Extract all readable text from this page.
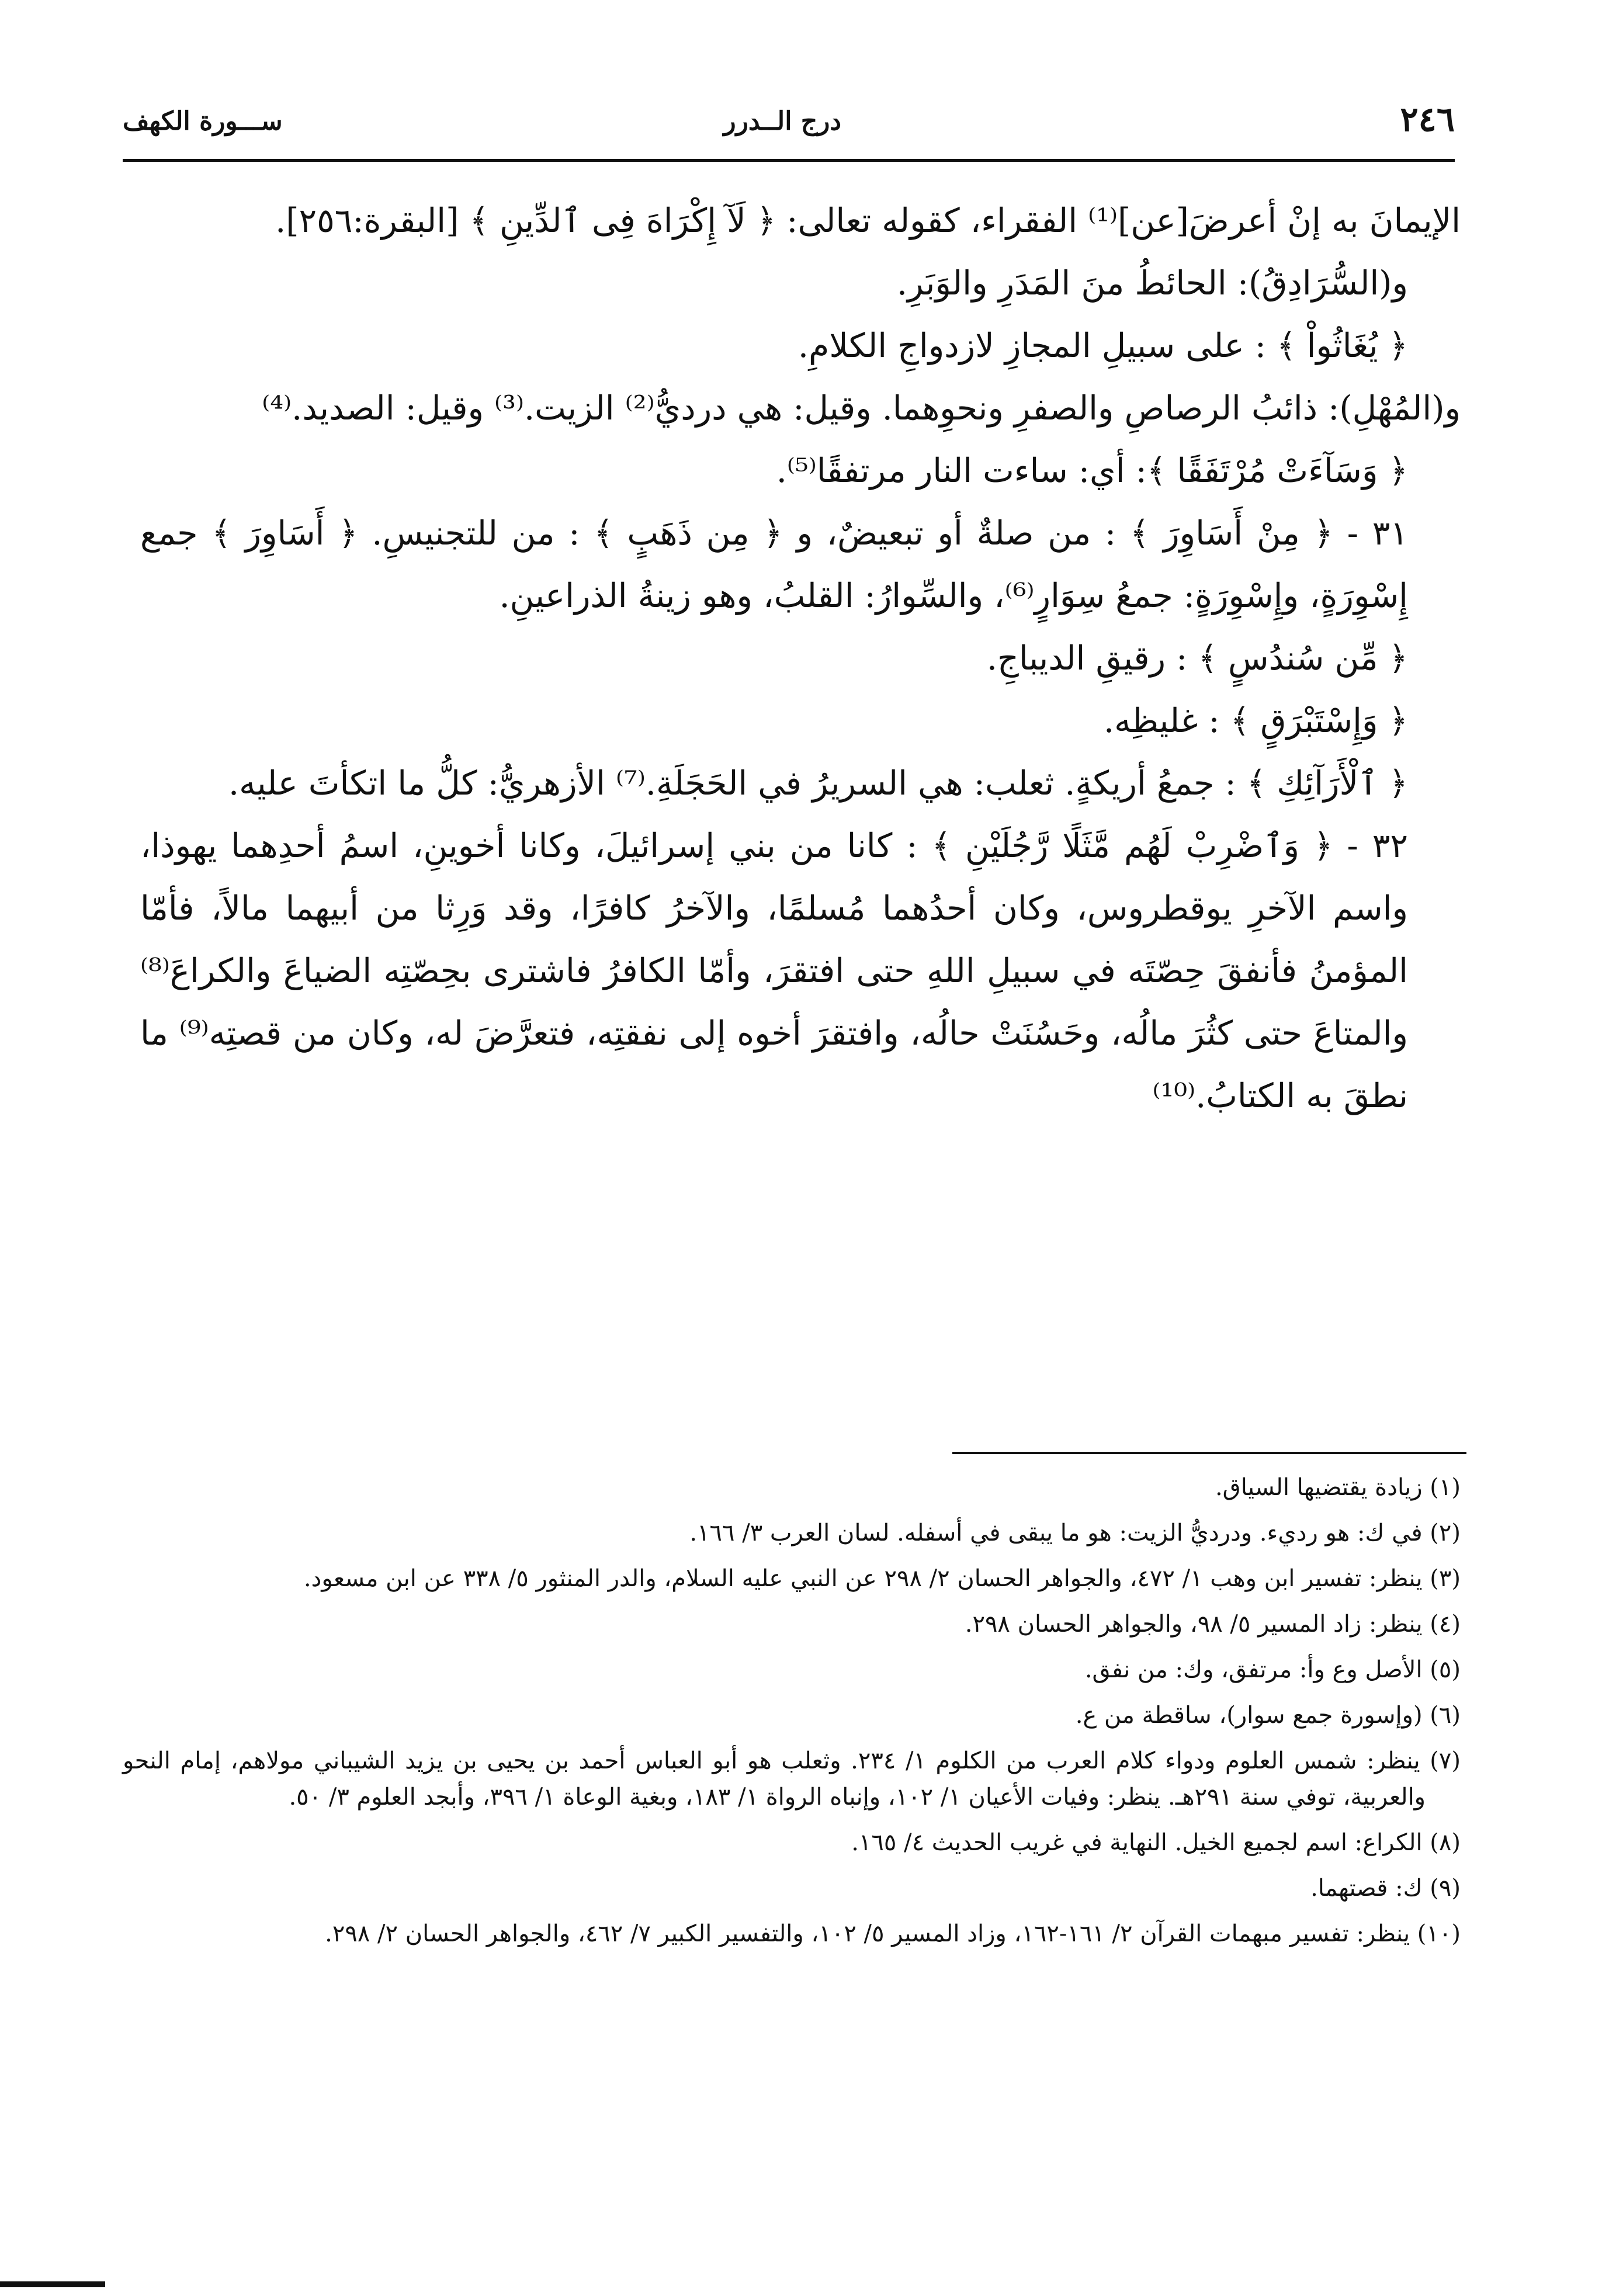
٢٤٦
درج الــدرر
ســـورة الكهف

الإيمانَ به إنْ أعرضَ[عن]⁽¹⁾ الفقراء، كقوله تعالى: ﴿ لَآ إِكْرَاهَ فِى ٱلدِّينِ ﴾ [البقرة:٢٥٦].

و(السُّرَادِقُ): الحائطُ منَ المَدَرِ والوَبَرِ.

﴿ يُغَاثُواْ ﴾ : على سبيلِ المجازِ لازدواجِ الكلامِ.

و(المُهْلِ): ذائبُ الرصاصِ والصفرِ ونحوِهما. وقيل: هي درديُّ⁽²⁾ الزيت.⁽³⁾ وقيل: الصديد.⁽⁴⁾

﴿ وَسَآءَتْ مُرْتَفَقًا ﴾: أي: ساءت النار مرتفقًا⁽⁵⁾.

٣١ - ﴿ مِنْ أَسَاوِرَ ﴾ : من صلةٌ أو تبعيضٌ، و ﴿ مِن ذَهَبٍ ﴾ : من للتجنيسِ. ﴿ أَسَاوِرَ ﴾ جمع إِسْوِرَةٍ، وإِسْوِرَةٍ: جمعُ سِوَارٍ⁽⁶⁾، والسِّوارُ: القلبُ، وهو زينةُ الذراعينِ.

﴿ مِّن سُندُسٍ ﴾ : رقيقِ الديباجِ.

﴿ وَإِسْتَبْرَقٍ ﴾ : غليظِه.

﴿ ٱلْأَرَآئِكِ ﴾ : جمعُ أريكةٍ. ثعلب: هي السريرُ في الحَجَلَةِ.⁽⁷⁾ الأزهريُّ: كلُّ ما اتكأتَ عليه.

٣٢ - ﴿ وَٱضْرِبْ لَهُم مَّثَلًا رَّجُلَيْنِ ﴾ : كانا من بني إسرائيلَ، وكانا أخوينِ، اسمُ أحدِهما يهوذا، واسم الآخرِ يوقطروس، وكان أحدُهما مُسلمًا، والآخرُ كافرًا، وقد وَرِثا من أبيهما مالاً، فأمّا المؤمنُ فأنفقَ حِصّتَه في سبيلِ اللهِ حتى افتقرَ، وأمّا الكافرُ فاشترى بحِصّتِه الضياعَ والكراعَ⁽⁸⁾ والمتاعَ حتى كثُرَ مالُه، وحَسُنَتْ حالُه، وافتقرَ أخوه إلى نفقتِه، فتعرَّضَ له، وكان من قصتِه⁽⁹⁾ ما نطقَ به الكتابُ.⁽¹⁰⁾

(١) زيادة يقتضيها السياق.

(٢) في ك: هو رديء. ودرديُّ الزيت: هو ما يبقى في أسفله. لسان العرب ٣/ ١٦٦.

(٣) ينظر: تفسير ابن وهب ١/ ٤٧٢، والجواهر الحسان ٢/ ٢٩٨ عن النبي عليه السلام، والدر المنثور ٥/ ٣٣٨ عن ابن مسعود.

(٤) ينظر: زاد المسير ٥/ ٩٨، والجواهر الحسان ٢٩٨.

(٥) الأصل وع وأ: مرتفق، وك: من نفق.

(٦) (وإسورة جمع سوار)، ساقطة من ع.

(٧) ينظر: شمس العلوم ودواء كلام العرب من الكلوم ١/ ٢٣٤. وثعلب هو أبو العباس أحمد بن يحيى بن يزيد الشيباني مولاهم، إمام النحو والعربية، توفي سنة ٢٩١هـ. ينظر: وفيات الأعيان ١/ ١٠٢، وإنباه الرواة ١/ ١٨٣، وبغية الوعاة ١/ ٣٩٦، وأبجد العلوم ٣/ ٥٠.

(٨) الكراع: اسم لجميع الخيل. النهاية في غريب الحديث ٤/ ١٦٥.

(٩) ك: قصتهما.

(١٠) ينظر: تفسير مبهمات القرآن ٢/ ١٦١-١٦٢، وزاد المسير ٥/ ١٠٢، والتفسير الكبير ٧/ ٤٦٢، والجواهر الحسان ٢/ ٢٩٨.
